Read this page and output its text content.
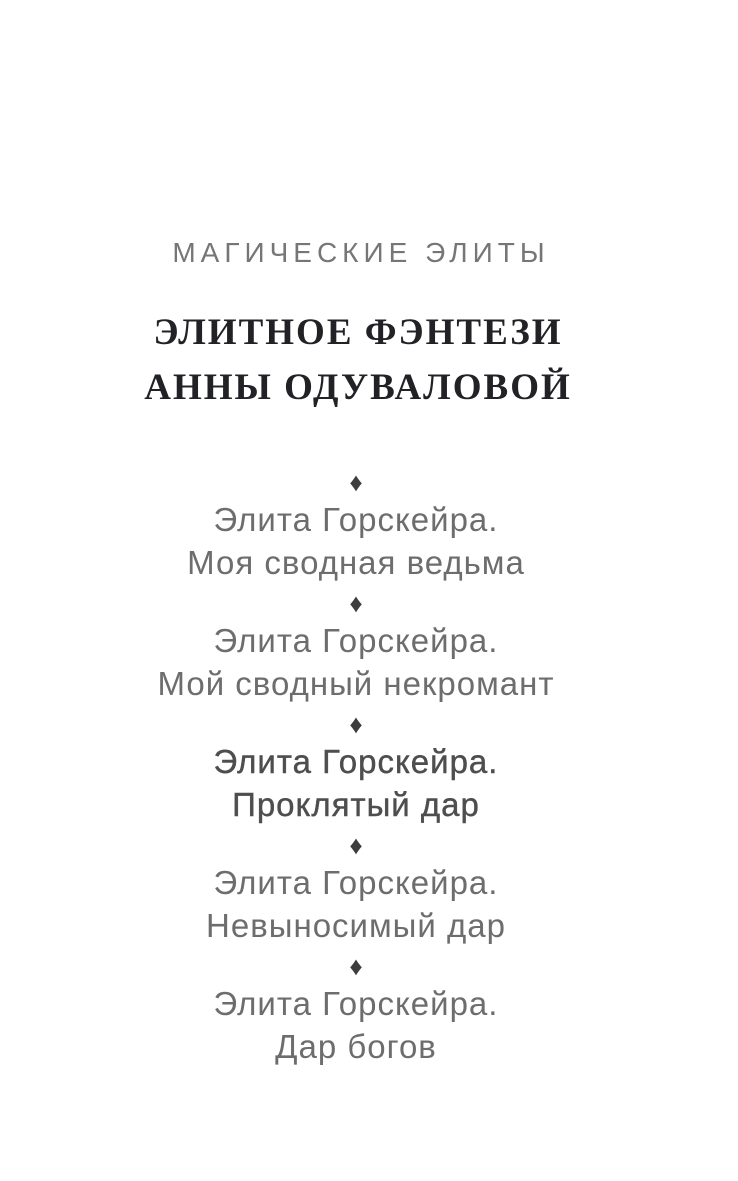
МАГИЧЕСКИЕ ЭЛИТЫ
ЭЛИТНОЕ ФЭНТЕЗИ
АННЫ ОДУВАЛОВОЙ
♦
Элита Горскейра.
Моя сводная ведьма
♦
Элита Горскейра.
Мой сводный некромант
♦
Элита Горскейра.
Проклятый дар
♦
Элита Горскейра.
Невыносимый дар
♦
Элита Горскейра.
Дар богов
